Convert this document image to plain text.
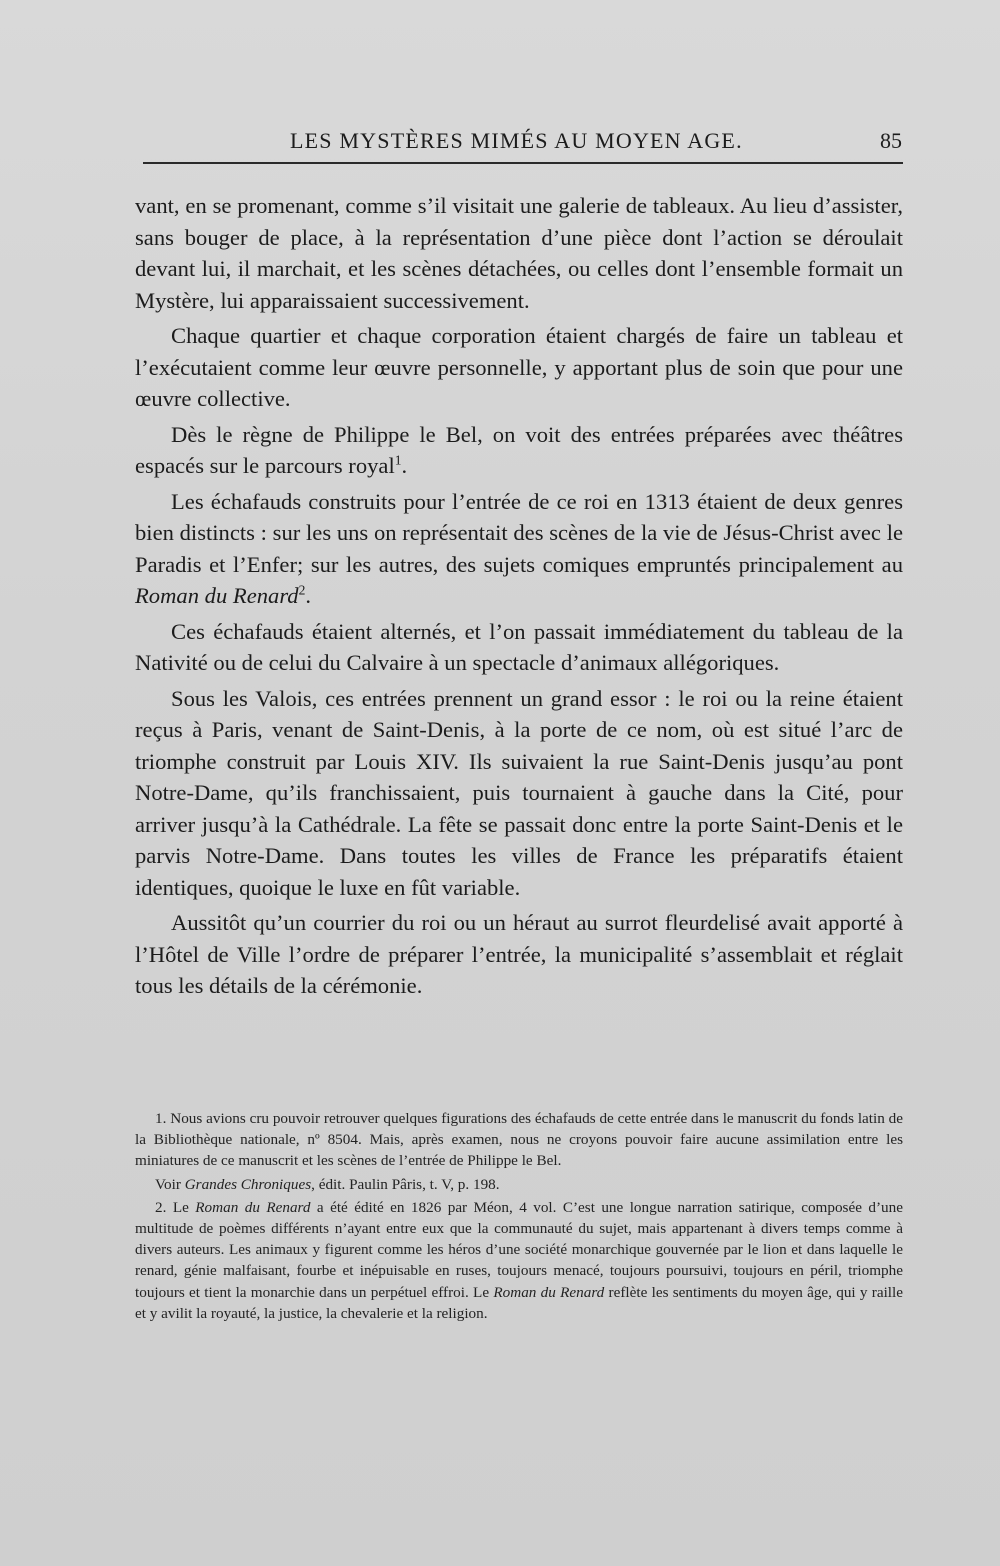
LES MYSTÈRES MIMÉS AU MOYEN AGE.	85

vant, en se promenant, comme s’il visitait une galerie de tableaux. Au lieu d’assister, sans bouger de place, à la représentation d’une pièce dont l’action se déroulait devant lui, il marchait, et les scènes détachées, ou celles dont l’ensemble formait un Mystère, lui apparaissaient successivement.

Chaque quartier et chaque corporation étaient chargés de faire un tableau et l’exécutaient comme leur œuvre personnelle, y apportant plus de soin que pour une œuvre collective.

Dès le règne de Philippe le Bel, on voit des entrées préparées avec théâtres espacés sur le parcours royal$^1$.

Les échafauds construits pour l’entrée de ce roi en 1313 étaient de deux genres bien distincts : sur les uns on représentait des scènes de la vie de Jésus-Christ avec le Paradis et l’Enfer; sur les autres, des sujets comiques empruntés principalement au Roman du Renard$^2$.

Ces échafauds étaient alternés, et l’on passait immédiatement du tableau de la Nativité ou de celui du Calvaire à un spectacle d’animaux allégoriques.

Sous les Valois, ces entrées prennent un grand essor : le roi ou la reine étaient reçus à Paris, venant de Saint-Denis, à la porte de ce nom, où est situé l’arc de triomphe construit par Louis XIV. Ils suivaient la rue Saint-Denis jusqu’au pont Notre-Dame, qu’ils franchissaient, puis tournaient à gauche dans la Cité, pour arriver jusqu’à la Cathédrale. La fête se passait donc entre la porte Saint-Denis et le parvis Notre-Dame. Dans toutes les villes de France les préparatifs étaient identiques, quoique le luxe en fût variable.

Aussitôt qu’un courrier du roi ou un héraut au surrot fleurdelisé avait apporté à l’Hôtel de Ville l’ordre de préparer l’entrée, la municipalité s’assemblait et réglait tous les détails de la cérémonie.

1. Nous avions cru pouvoir retrouver quelques figurations des échafauds de cette entrée dans le manuscrit du fonds latin de la Bibliothèque nationale, nº 8504. Mais, après examen, nous ne croyons pouvoir faire aucune assimilation entre les miniatures de ce manuscrit et les scènes de l’entrée de Philippe le Bel.

Voir Grandes Chroniques, édit. Paulin Pâris, t. V, p. 198.

2. Le Roman du Renard a été édité en 1826 par Méon, 4 vol. C’est une longue narration satirique, composée d’une multitude de poèmes différents n’ayant entre eux que la communauté du sujet, mais appartenant à divers temps comme à divers auteurs. Les animaux y figurent comme les héros d’une société monarchique gouvernée par le lion et dans laquelle le renard, génie malfaisant, fourbe et inépuisable en ruses, toujours menacé, toujours poursuivi, toujours en péril, triomphe toujours et tient la monarchie dans un perpétuel effroi. Le Roman du Renard reflète les sentiments du moyen âge, qui y raille et y avilit la royauté, la justice, la chevalerie et la religion.
